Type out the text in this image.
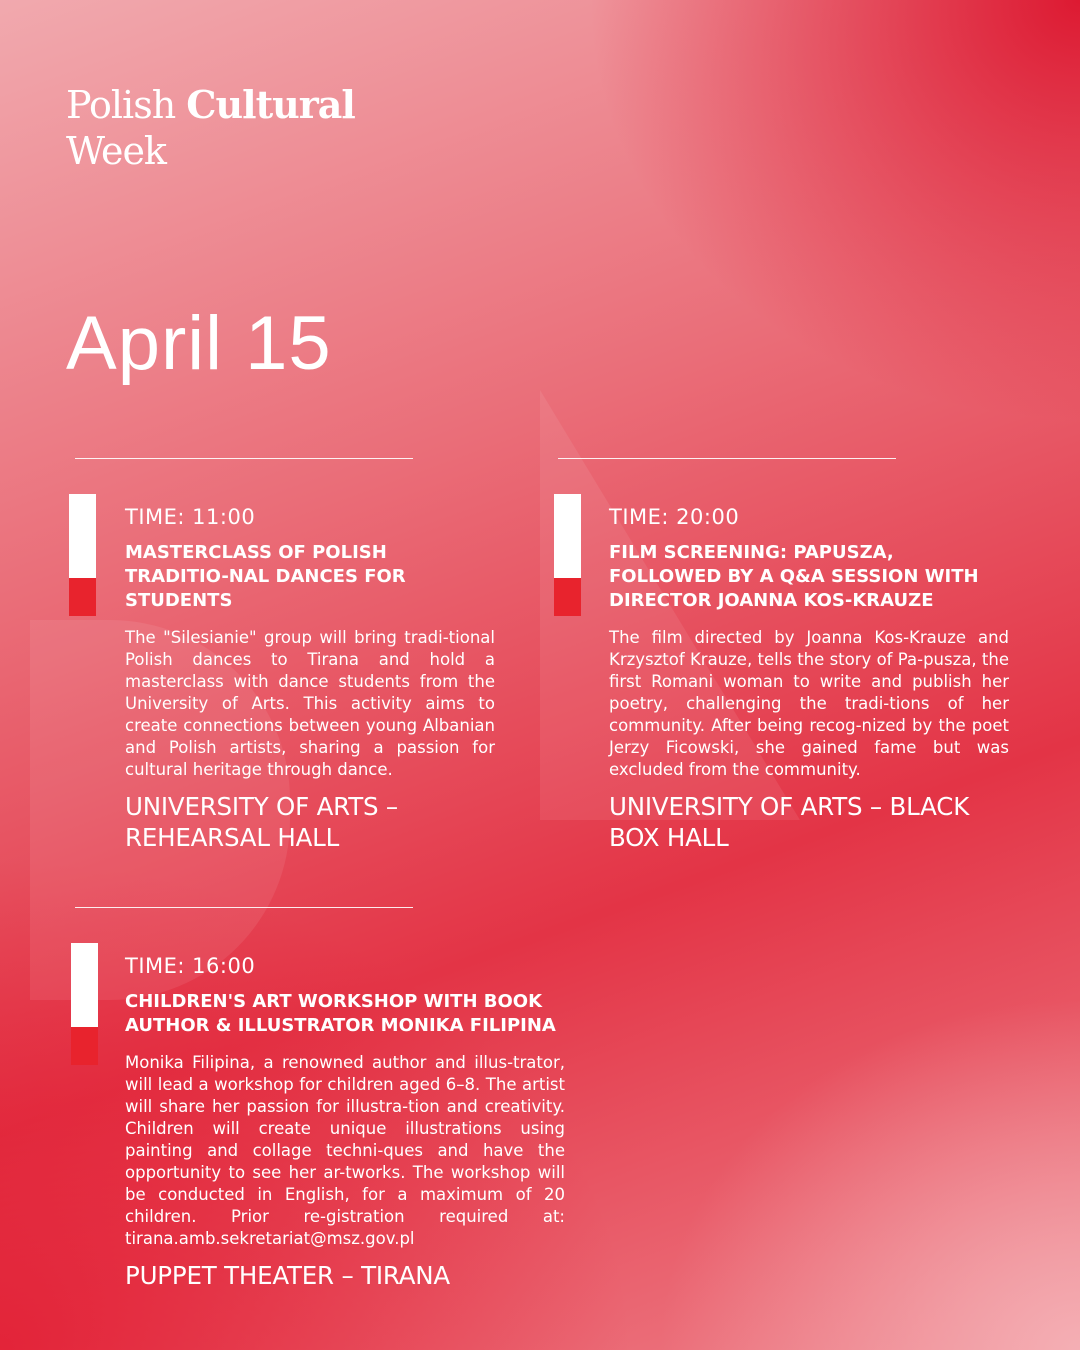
Polish Cultural
Week
April 15
TIME: 11:00
MASTERCLASS OF POLISH TRADITIO-NAL DANCES FOR STUDENTS
The "Silesianie" group will bring tradi-tional Polish dances to Tirana and hold a masterclass with dance students from the University of Arts. This activity aims to create connections between young Albanian and Polish artists, sharing a passion for cultural heritage through dance.
UNIVERSITY OF ARTS – REHEARSAL HALL
TIME: 20:00
FILM SCREENING: PAPUSZA, FOLLOWED BY A Q&A SESSION WITH DIRECTOR JOANNA KOS-KRAUZE
The film directed by Joanna Kos-Krauze and Krzysztof Krauze, tells the story of Pa-pusza, the first Romani woman to write and publish her poetry, challenging the tradi-tions of her community. After being recog-nized by the poet Jerzy Ficowski, she gained fame but was excluded from the community.
UNIVERSITY OF ARTS – BLACK BOX HALL
TIME: 16:00
CHILDREN'S ART WORKSHOP WITH BOOK AUTHOR & ILLUSTRATOR MONIKA FILIPINA
Monika Filipina, a renowned author and illus-trator, will lead a workshop for children aged 6–8. The artist will share her passion for illustra-tion and creativity. Children will create unique illustrations using painting and collage techni-ques and have the opportunity to see her ar-tworks. The workshop will be conducted in English, for a maximum of 20 children. Prior re-gistration required at: tirana.amb.sekretariat@msz.gov.pl
PUPPET THEATER – TIRANA
